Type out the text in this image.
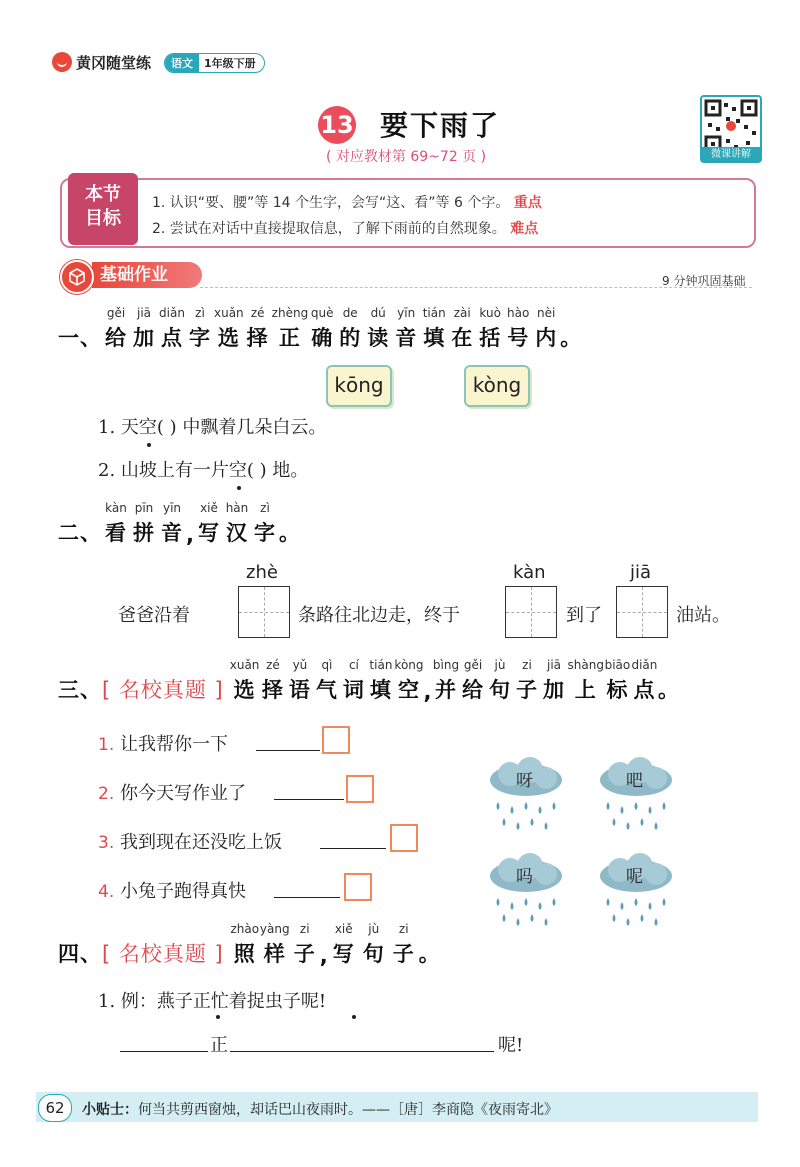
黄冈随堂练	语文	1年级下册
13 要下雨了
( 对应教材第 69~72 页 )	微课讲解
本节
目标
1. 认识“要、腰”等 14 个生字，会写“这、看”等 6 个字。 重点
2. 尝试在对话中直接提取信息，了解下雨前的自然现象。 难点
基础作业	9 分钟巩固基础
一、
gěi
给
jiā
加
diǎn
点
zì
字
xuǎn
选
zé
择
zhèng
正
què
确
de
的
dú
读
yīn
音
tián
填
zài
在
kuò
括
hào
号
nèi
内 。
kōng	kòng
1. 天空
( ) 中飘着几朵白云。
2. 山坡上有一片空
( ) 地。
二、
kàn
看
pīn
拼
yīn
音
,
xiě
写
hàn
汉
zì
字 。
zhè	kàn	jiā
爸爸沿着	条路往北边走，终于	到了	油站。
三、 [ 名校真题 ]
xuǎn
选
zé
择
yǔ
语
qì
气
cí
词
tián
填
kòng
空
,
bìng
并
gěi
给
jù
句
zi
子
jiā
加
shàng
上
biāo
标
diǎn
点 。
1. 让我帮你一下
2. 你今天写作业了
3. 我到现在还没吃上饭
4. 小兔子跑得真快
呀	吧
吗	呢
四、 [ 名校真题 ]
zhào
照
yàng
样
zi
子
,
xiě
写
jù
句
zi
子 。
1. 例：燕子正忙着捉虫子呢!
正	呢!
62	小贴士：何当共剪西窗烛，却话巴山夜雨时。——［唐］李商隐《夜雨寄北》
